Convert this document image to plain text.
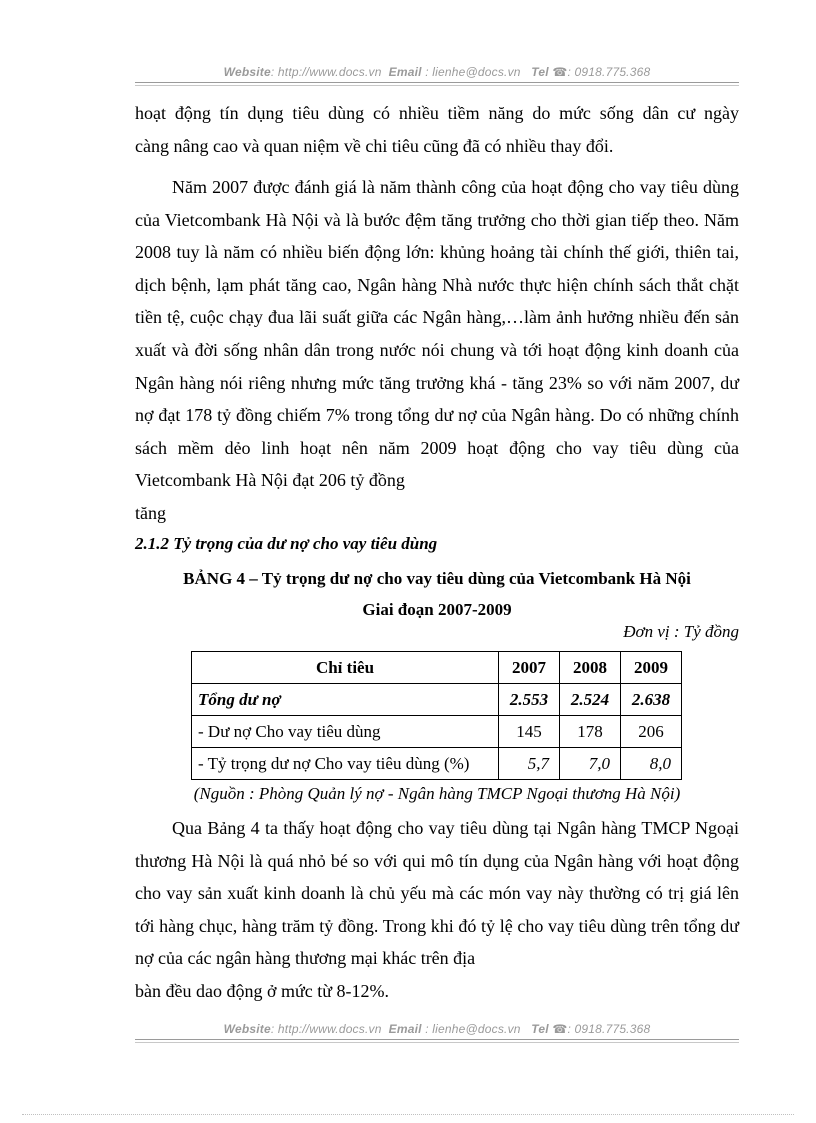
Website: http://www.docs.vn Email : lienhe@docs.vn Tel ☎: 0918.775.368

hoạt động tín dụng tiêu dùng có nhiều tiềm năng do mức sống dân cư ngày

càng nâng cao và quan niệm về chi tiêu cũng đã có nhiều thay đổi.

Năm 2007 được đánh giá là năm thành công của hoạt động cho vay tiêu dùng của Vietcombank Hà Nội và là bước đệm tăng trưởng cho thời gian tiếp theo. Năm 2008 tuy là năm có nhiều biến động lớn: khủng hoảng tài chính thế giới, thiên tai, dịch bệnh, lạm phát tăng cao, Ngân hàng Nhà nước thực hiện chính sách thắt chặt tiền tệ, cuộc chạy đua lãi suất giữa các Ngân hàng,…làm ảnh hưởng nhiều đến sản xuất và đời sống nhân dân trong nước nói chung và tới hoạt động kinh doanh của Ngân hàng nói riêng nhưng mức tăng trưởng khá - tăng 23% so với năm 2007, dư nợ đạt 178 tỷ đồng chiếm 7% trong tổng dư nợ của Ngân hàng. Do có những chính sách mềm dẻo linh hoạt nên năm 2009 hoạt động cho vay tiêu dùng của Vietcombank Hà Nội đạt 206 tỷ đồng

tăng

2.1.2 Tỷ trọng của dư nợ cho vay tiêu dùng
BẢNG 4 – Tỷ trọng dư nợ cho vay tiêu dùng của Vietcombank Hà Nội
Giai đoạn 2007-2009
Đơn vị : Tỷ đồng
Chỉ tiêu	2007	2008	2009
Tổng dư nợ	2.553	2.524	2.638
- Dư nợ Cho vay tiêu dùng	145	178	206
- Tỷ trọng dư nợ Cho vay tiêu dùng (%)	5,7	7,0	8,0
(Nguồn : Phòng Quản lý nợ - Ngân hàng TMCP Ngoại thương Hà Nội)

Qua Bảng 4 ta thấy hoạt động cho vay tiêu dùng tại Ngân hàng TMCP Ngoại thương Hà Nội là quá nhỏ bé so với qui mô tín dụng của Ngân hàng với hoạt động cho vay sản xuất kinh doanh là chủ yếu mà các món vay này thường có trị giá lên tới hàng chục, hàng trăm tỷ đồng. Trong khi đó tỷ lệ cho vay tiêu dùng trên tổng dư nợ của các ngân hàng thương mại khác trên địa

bàn đều dao động ở mức từ 8-12%.

Website: http://www.docs.vn Email : lienhe@docs.vn Tel ☎: 0918.775.368
